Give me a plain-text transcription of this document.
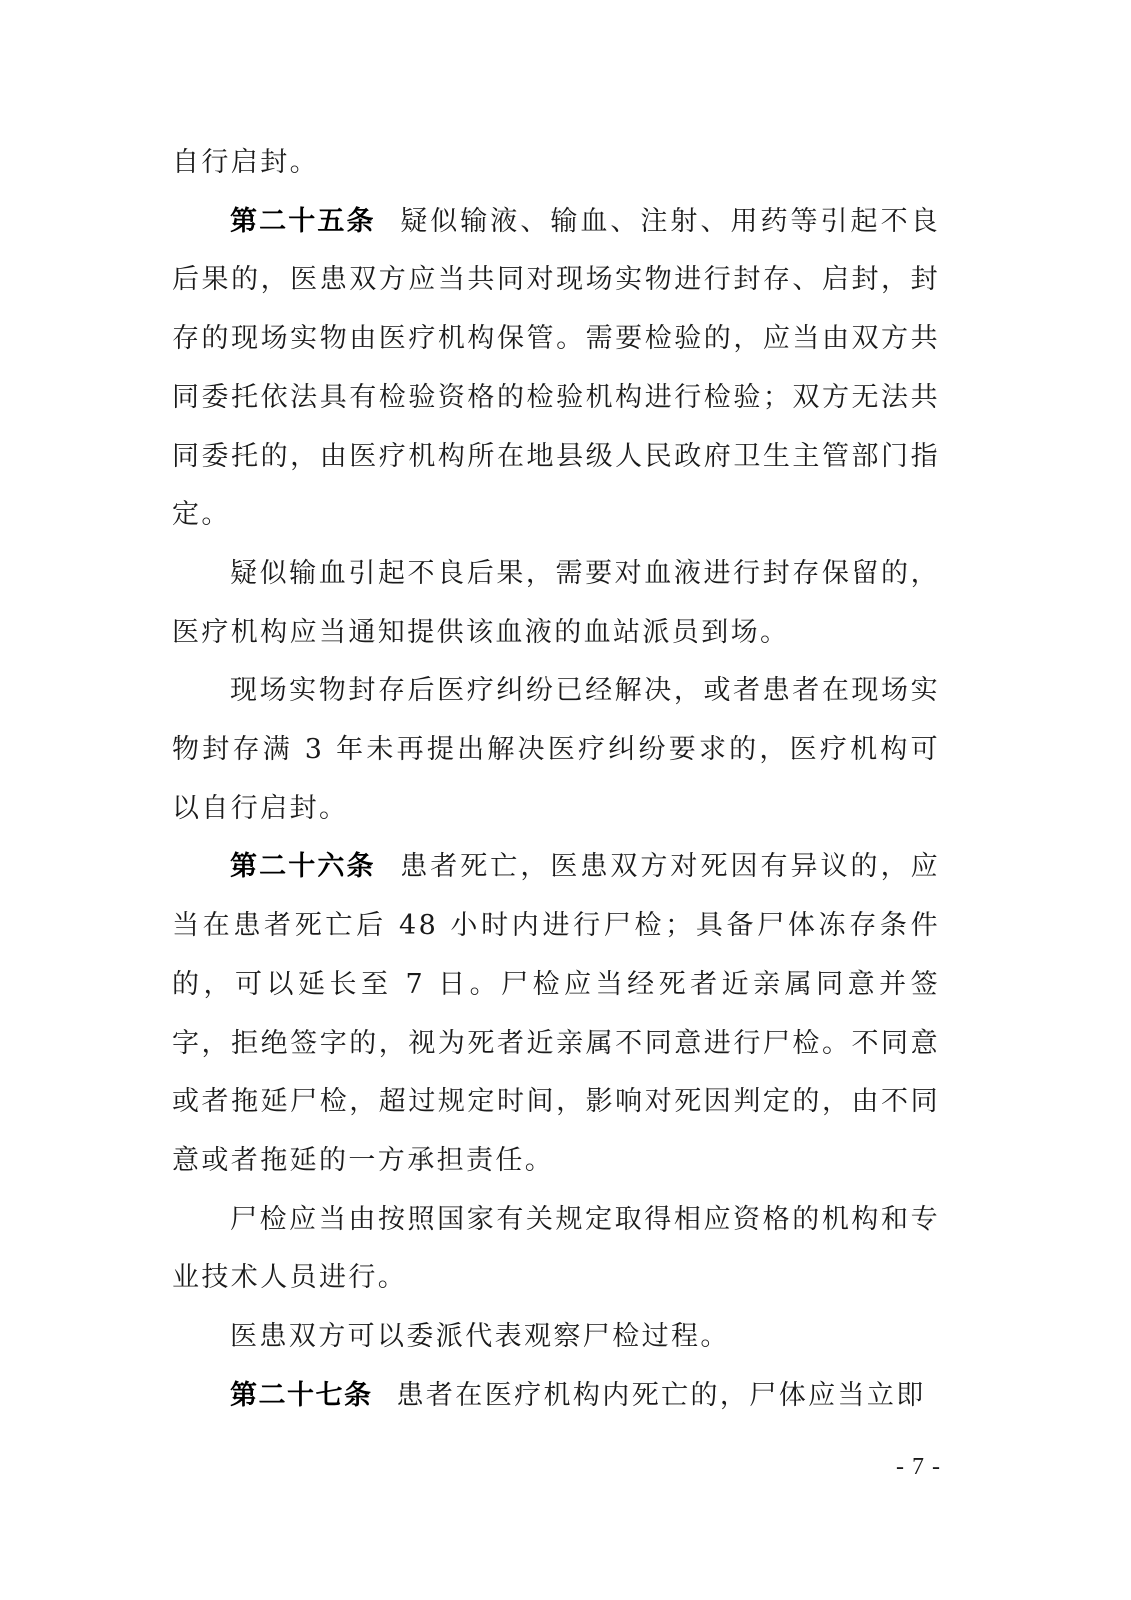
自行启封。

第二十五条 疑似输液、输血、注射、用药等引起不良后果的，医患双方应当共同对现场实物进行封存、启封，封存的现场实物由医疗机构保管。需要检验的，应当由双方共同委托依法具有检验资格的检验机构进行检验；双方无法共同委托的，由医疗机构所在地县级人民政府卫生主管部门指定。

疑似输血引起不良后果，需要对血液进行封存保留的，医疗机构应当通知提供该血液的血站派员到场。

现场实物封存后医疗纠纷已经解决，或者患者在现场实物封存满 3 年未再提出解决医疗纠纷要求的，医疗机构可以自行启封。

第二十六条 患者死亡，医患双方对死因有异议的，应当在患者死亡后 48 小时内进行尸检；具备尸体冻存条件的，可以延长至 7 日。尸检应当经死者近亲属同意并签字，拒绝签字的，视为死者近亲属不同意进行尸检。不同意或者拖延尸检，超过规定时间，影响对死因判定的，由不同意或者拖延的一方承担责任。

尸检应当由按照国家有关规定取得相应资格的机构和专业技术人员进行。

医患双方可以委派代表观察尸检过程。

第二十七条 患者在医疗机构内死亡的，尸体应当立即

- 7 -
